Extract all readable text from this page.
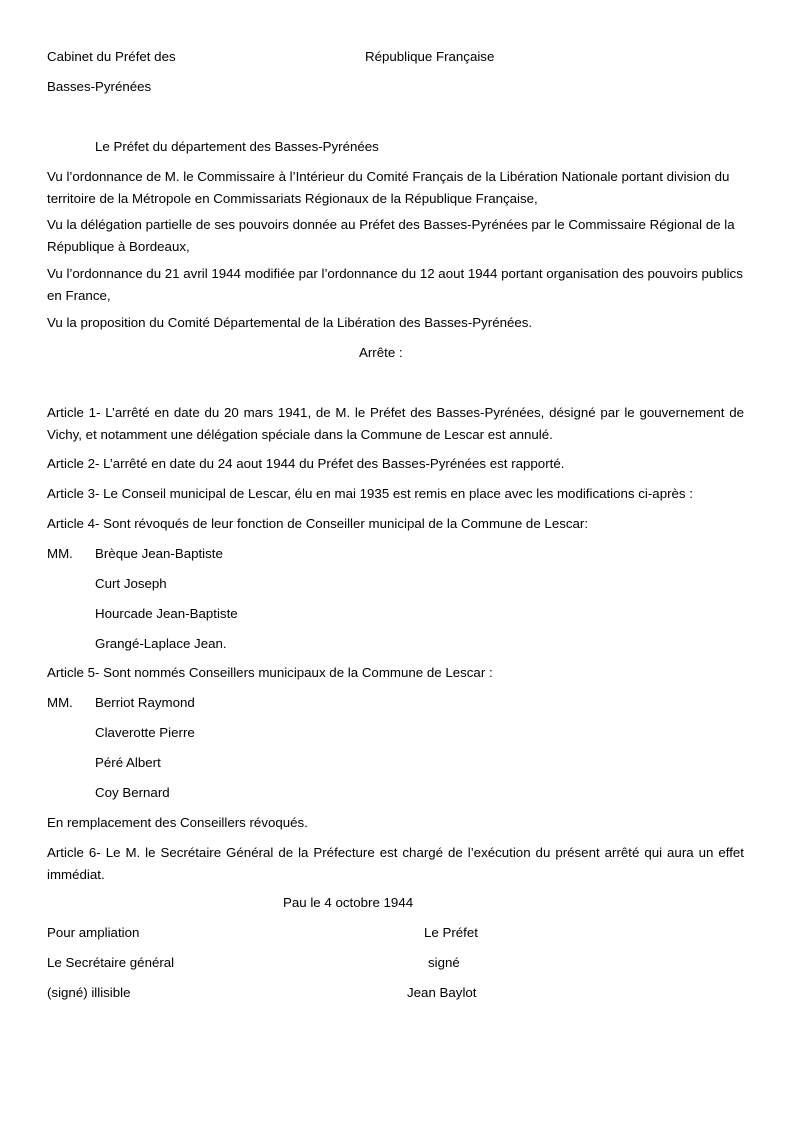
Cabinet du Préfet des	République Française
Basses-Pyrénées
Le Préfet du département des Basses-Pyrénées
Vu l’ordonnance de M. le Commissaire à l’Intérieur du Comité Français de la Libération Nationale portant division du territoire de la Métropole en Commissariats Régionaux de la République Française,
Vu la délégation partielle de ses pouvoirs donnée au Préfet des Basses-Pyrénées par le Commissaire Régional de la République à Bordeaux,
Vu l’ordonnance du 21 avril 1944 modifiée par l’ordonnance du 12 aout 1944 portant organisation des pouvoirs publics en France,
Vu la proposition du Comité Départemental de la Libération des Basses-Pyrénées.
Arrête :
Article 1- L’arrêté en date du 20 mars 1941, de M. le Préfet des Basses-Pyrénées, désigné par le gouvernement de Vichy, et notamment une délégation spéciale dans la Commune de Lescar est annulé.
Article 2- L’arrêté en date du 24 aout 1944 du Préfet des Basses-Pyrénées est rapporté.
Article 3- Le Conseil municipal de Lescar, élu en mai 1935 est remis en place avec les modifications ci-après :
Article 4- Sont révoqués de leur fonction de Conseiller municipal de la Commune de Lescar:
MM. Brèque Jean-Baptiste
Curt Joseph
Hourcade Jean-Baptiste
Grangé-Laplace Jean.
Article 5- Sont nommés Conseillers municipaux de la Commune de Lescar :
MM. Berriot Raymond
Claverotte Pierre
Péré Albert
Coy Bernard
En remplacement des Conseillers révoqués.
Article 6- Le M. le Secrétaire Général de la Préfecture est chargé de l’exécution du présent arrêté qui aura un effet immédiat.
Pau le 4 octobre 1944
Pour ampliation	Le Préfet
Le Secrétaire général	signé
(signé) illisible	Jean Baylot
